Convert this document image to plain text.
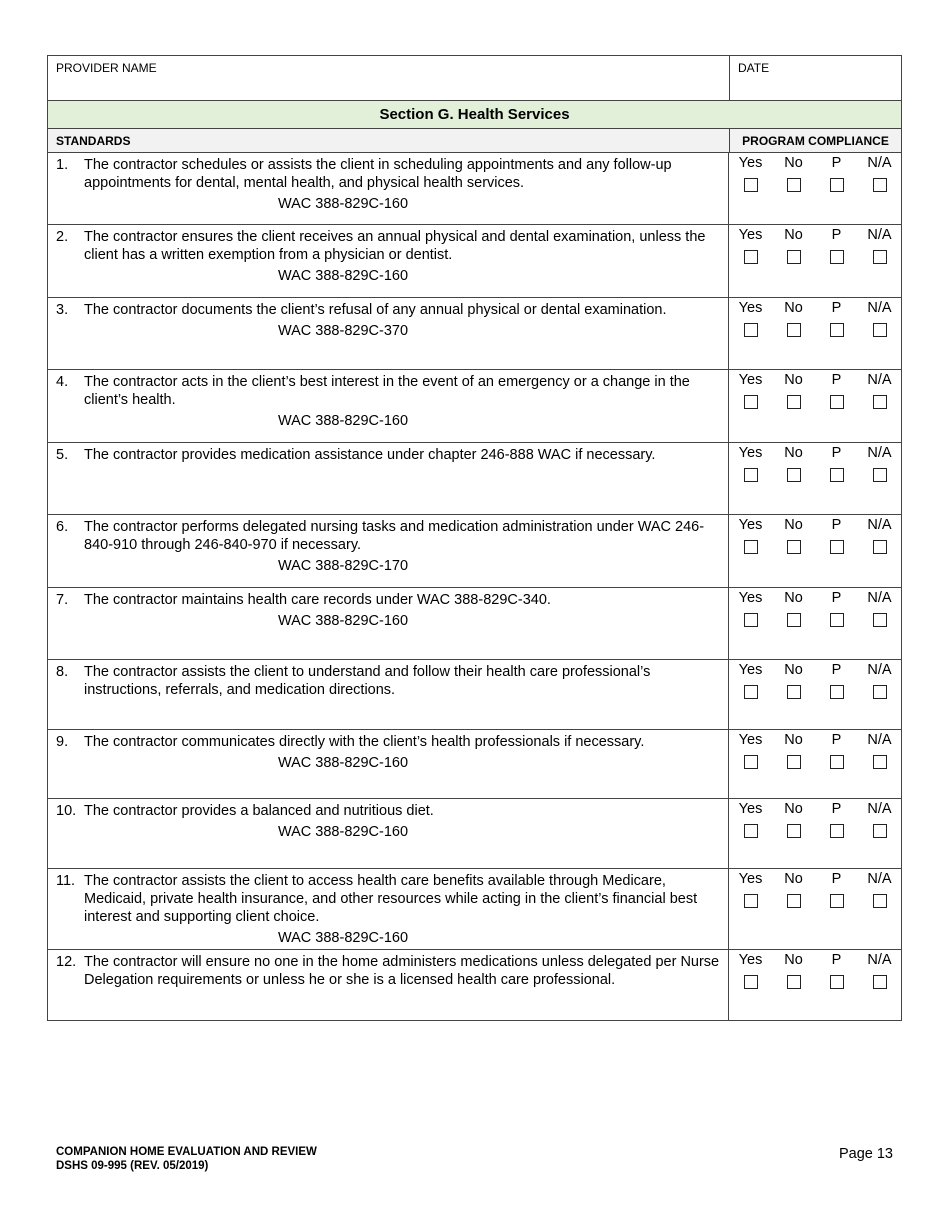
PROVIDER NAME	DATE
Section G. Health Services
STANDARDS	PROGRAM COMPLIANCE
1. The contractor schedules or assists the client in scheduling appointments and any follow-up appointments for dental, mental health, and physical health services.
WAC 388-829C-160
Yes No P N/A
2. The contractor ensures the client receives an annual physical and dental examination, unless the client has a written exemption from a physician or dentist.
WAC 388-829C-160
Yes No P N/A
3. The contractor documents the client’s refusal of any annual physical or dental examination.
WAC 388-829C-370
Yes No P N/A
4. The contractor acts in the client’s best interest in the event of an emergency or a change in the client’s health.
WAC 388-829C-160
Yes No P N/A
5. The contractor provides medication assistance under chapter 246-888 WAC if necessary.	Yes No P N/A
6. The contractor performs delegated nursing tasks and medication administration under WAC 246-840-910 through 246-840-970 if necessary.
WAC 388-829C-170
Yes No P N/A
7. The contractor maintains health care records under WAC 388-829C-340.
WAC 388-829C-160
Yes No P N/A
8. The contractor assists the client to understand and follow their health care professional’s instructions, referrals, and medication directions.
Yes No P N/A
9. The contractor communicates directly with the client’s health professionals if necessary.
WAC 388-829C-160
Yes No P N/A
10. The contractor provides a balanced and nutritious diet.
WAC 388-829C-160
Yes No P N/A
11. The contractor assists the client to access health care benefits available through Medicare, Medicaid, private health insurance, and other resources while acting in the client’s financial best interest and supporting client choice.
WAC 388-829C-160
Yes No P N/A
12. The contractor will ensure no one in the home administers medications unless delegated per Nurse Delegation requirements or unless he or she is a licensed health care professional.
Yes No P N/A
COMPANION HOME EVALUATION AND REVIEW
DSHS 09-995 (REV. 05/2019)
Page 13
